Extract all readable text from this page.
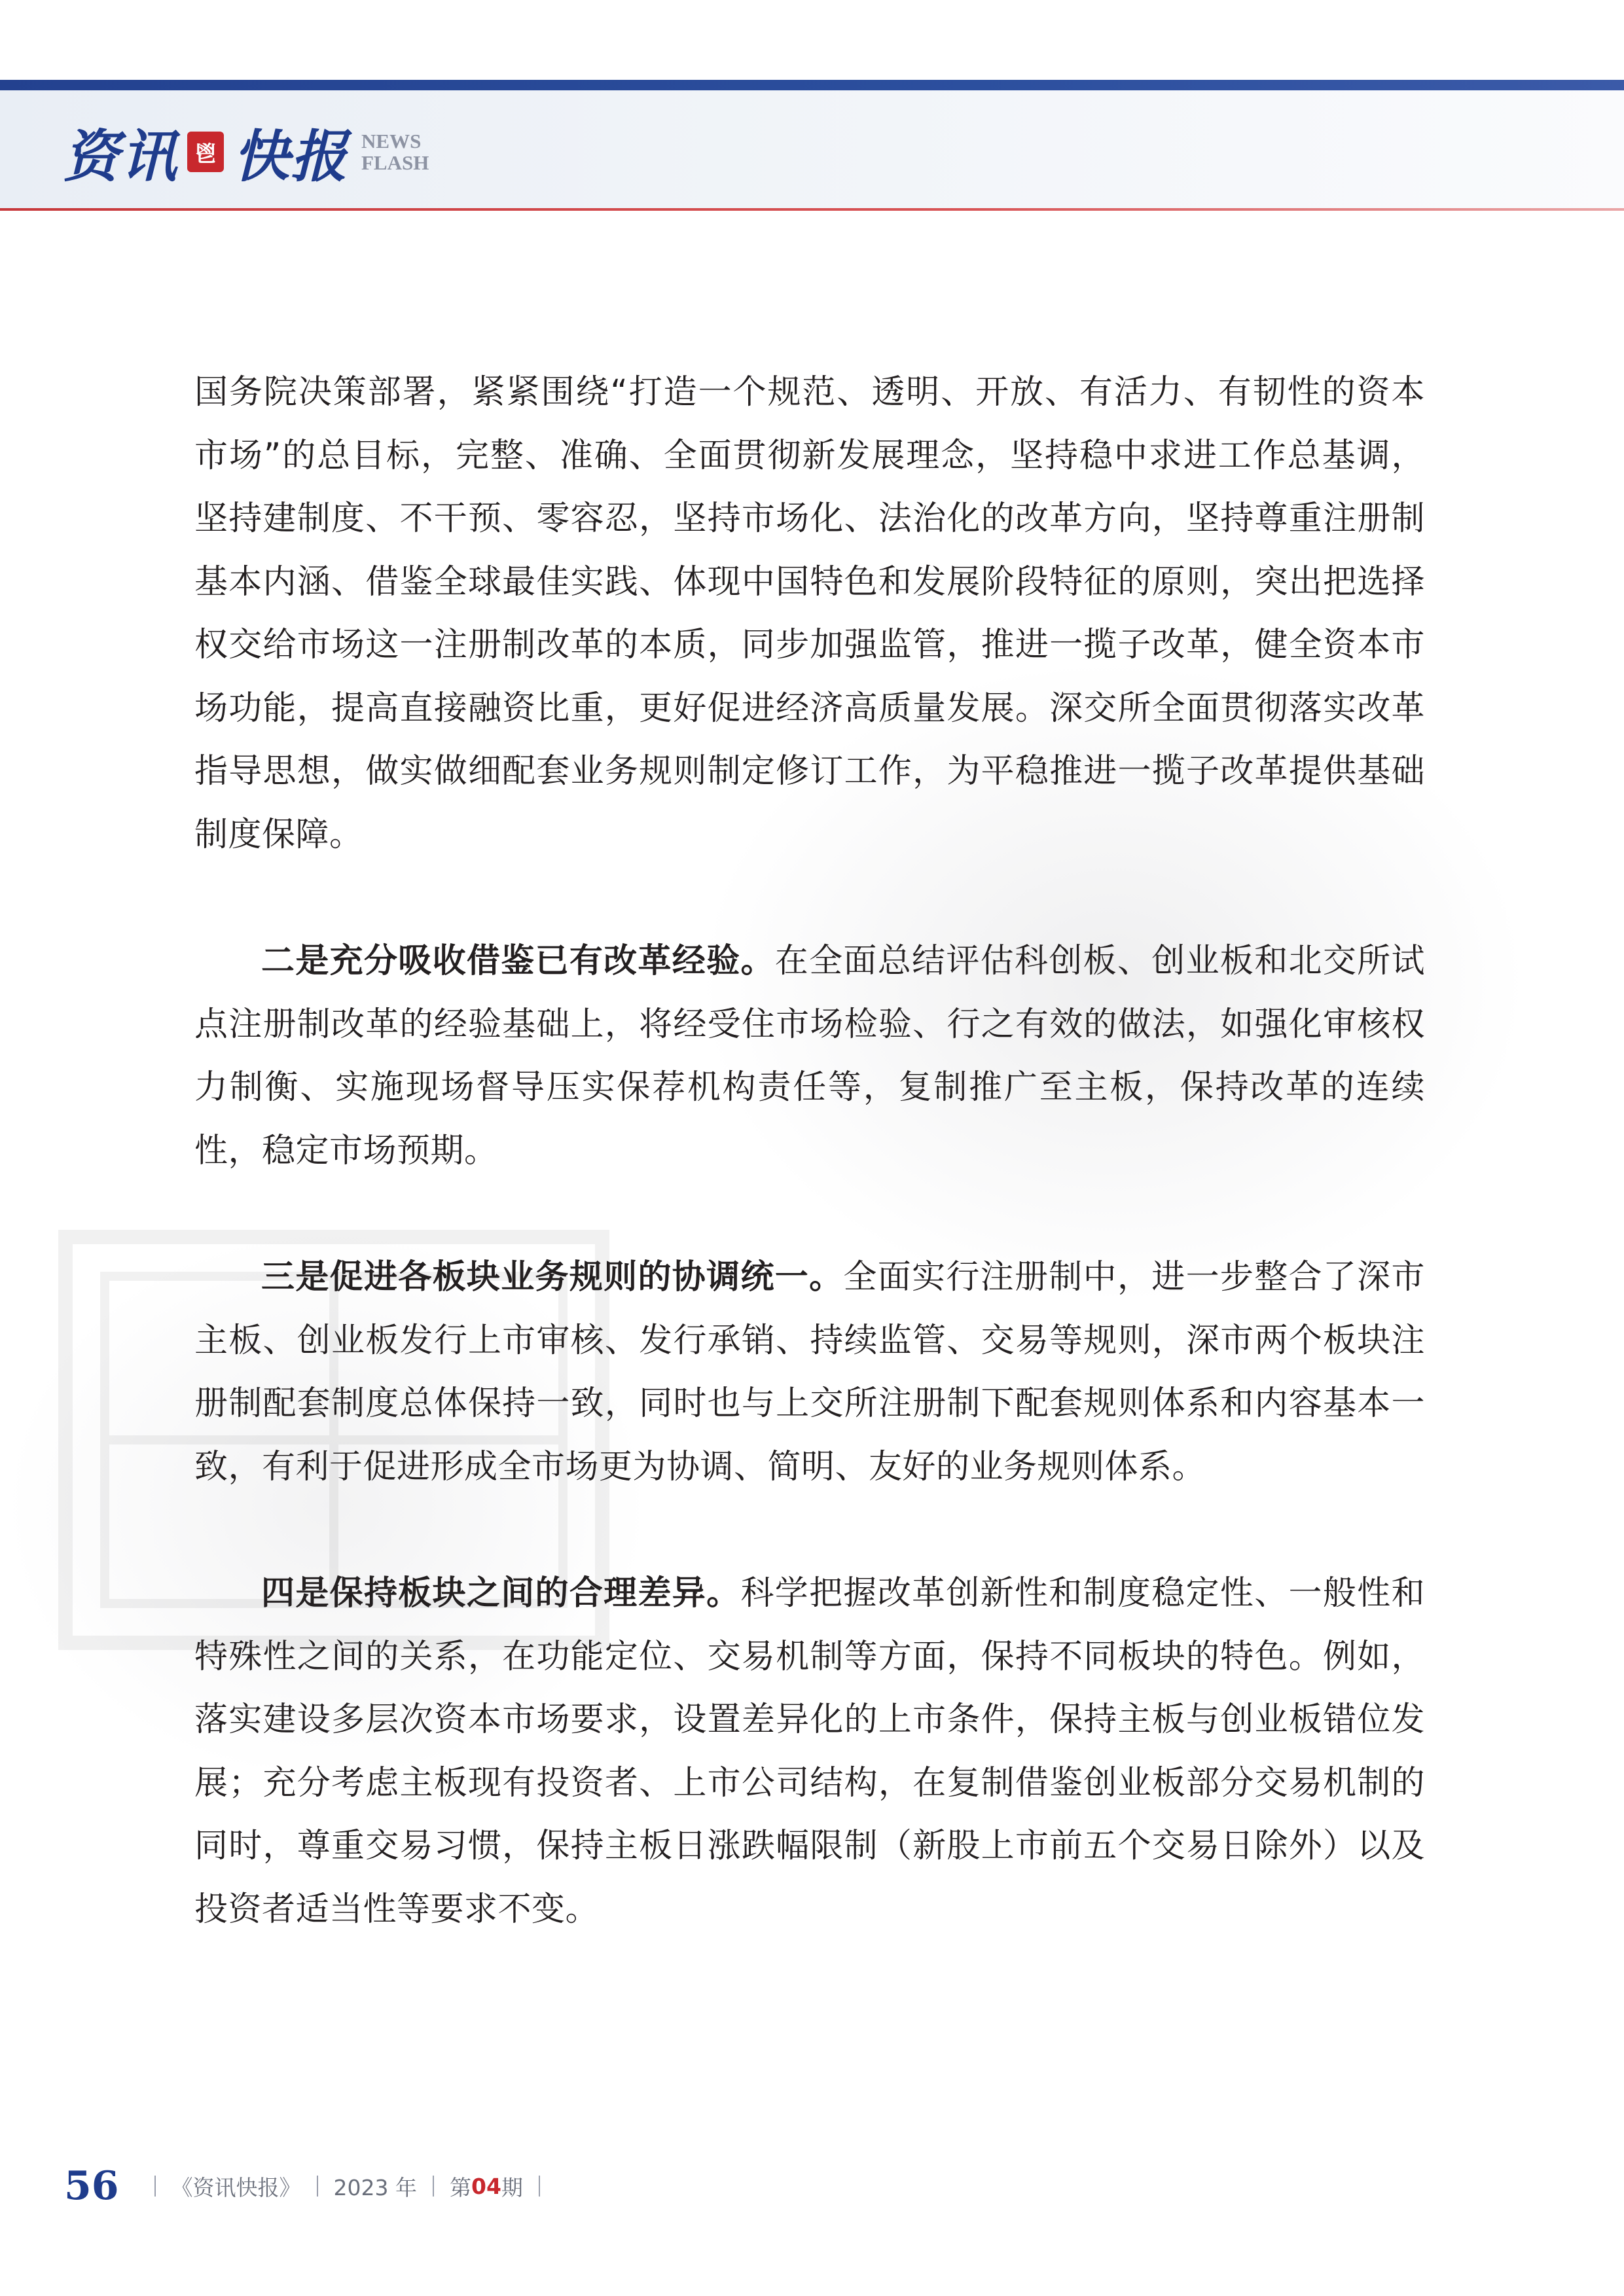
资讯 鬯 快报 NEWS
FLASH

国务院决策部署，紧紧围绕“打造一个规范、透明、开放、有活力、有韧性的资本市场”的总目标，完整、准确、全面贯彻新发展理念，坚持稳中求进工作总基调，坚持建制度、不干预、零容忍，坚持市场化、法治化的改革方向，坚持尊重注册制基本内涵、借鉴全球最佳实践、体现中国特色和发展阶段特征的原则，突出把选择权交给市场这一注册制改革的本质，同步加强监管，推进一揽子改革，健全资本市场功能，提高直接融资比重，更好促进经济高质量发展。深交所全面贯彻落实改革指导思想，做实做细配套业务规则制定修订工作，为平稳推进一揽子改革提供基础制度保障。

二是充分吸收借鉴已有改革经验。在全面总结评估科创板、创业板和北交所试点注册制改革的经验基础上，将经受住市场检验、行之有效的做法，如强化审核权力制衡、实施现场督导压实保荐机构责任等，复制推广至主板，保持改革的连续性，稳定市场预期。

三是促进各板块业务规则的协调统一。全面实行注册制中，进一步整合了深市主板、创业板发行上市审核、发行承销、持续监管、交易等规则，深市两个板块注册制配套制度总体保持一致，同时也与上交所注册制下配套规则体系和内容基本一致，有利于促进形成全市场更为协调、简明、友好的业务规则体系。

四是保持板块之间的合理差异。科学把握改革创新性和制度稳定性、一般性和特殊性之间的关系，在功能定位、交易机制等方面，保持不同板块的特色。例如，落实建设多层次资本市场要求，设置差异化的上市条件，保持主板与创业板错位发展；充分考虑主板现有投资者、上市公司结构，在复制借鉴创业板部分交易机制的同时，尊重交易习惯，保持主板日涨跌幅限制（新股上市前五个交易日除外）以及投资者适当性等要求不变。

56 《资讯快报》 2023 年 第 04 期
